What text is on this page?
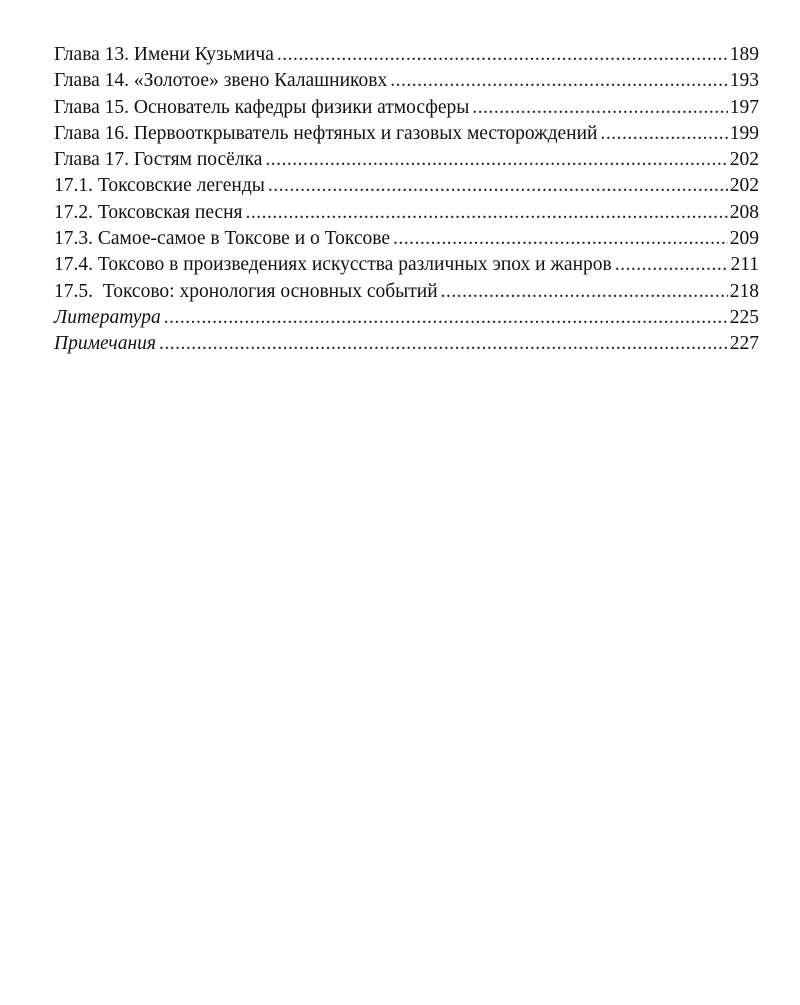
Глава 13. Имени Кузьмича .....	189
Глава 14. «Золотое» звено Калашниковх .....	193
Глава 15. Основатель кафедры физики атмосферы .....	197
Глава 16. Первооткрыватель нефтяных и газовых месторождений .....	199
Глава 17. Гостям посёлка .....	202
17.1. Токсовские легенды .....	202
17.2. Токсовская песня .....	208
17.3. Самое-самое в Токсове и о Токсове .....	209
17.4. Токсово в произведениях искусства различных эпох и жанров .....	211
17.5.  Токсово: хронология основных событий .....	218
Литература .....	225
Примечания .....	227
